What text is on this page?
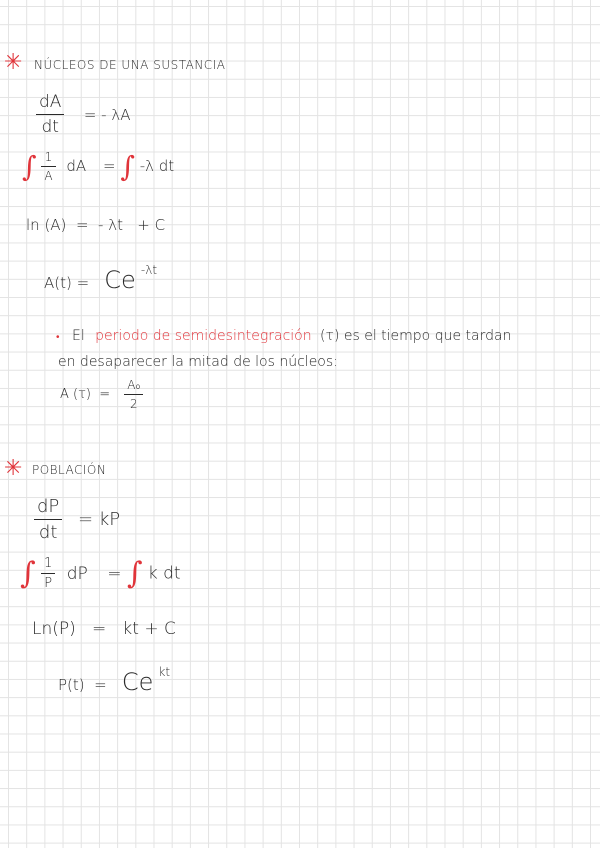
✳ NÚCLEOS DE UNA SUSTANCIA
$\frac{dA}{dt}$ = - λA
∫ $\frac{1}{A}$ dA = ∫ -λ dt
ln (A)  =  - λt   + C
A(t) = Ce $^{-\lambda t}$
• El periodo de semidesintegración (τ) es el tiempo que tardan
en desaparecer la mitad de los núcleos:
A $(\tau) = \frac{\text{A₀}}{2}$
✳ POBLACIÓN
$\frac{dP}{dt}$ = kP
∫ $\frac{1}{P}$ dP = ∫ k dt
Ln(P)   =   kt + C
P(t)  = Ce $^{kt}$
